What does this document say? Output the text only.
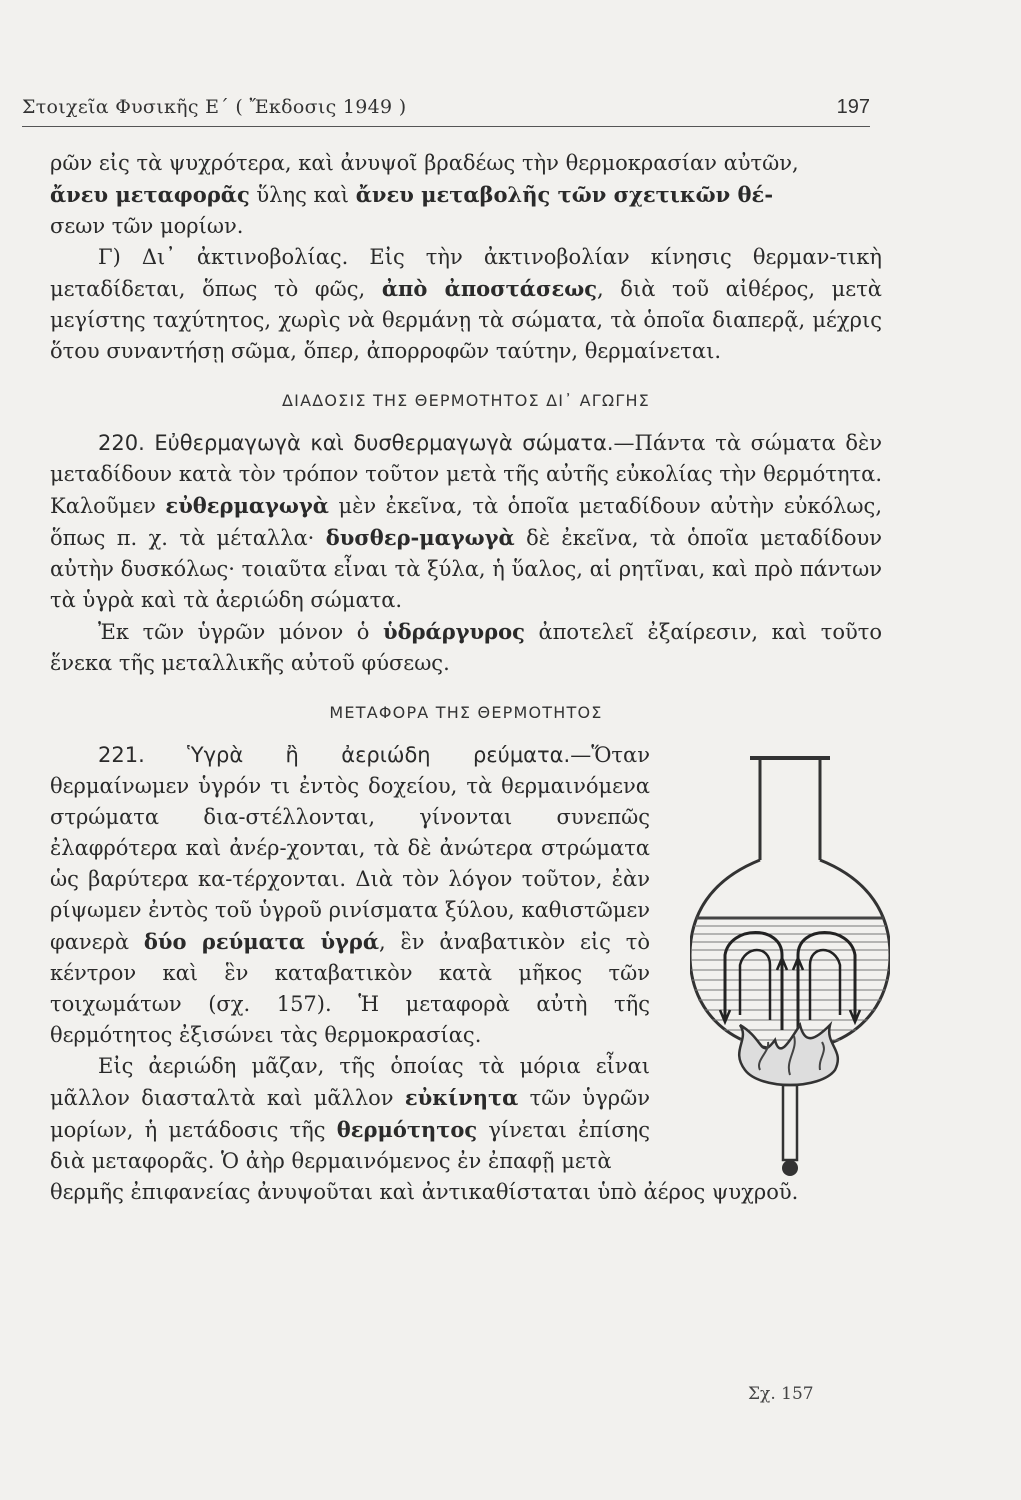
Στοιχεῖα Φυσικῆς Ε΄ ( Ἔκδοσις 1949 )	197

ρῶν εἰς τὰ ψυχρότερα, καὶ ἀνυψοῖ βραδέως τὴν θερμοκρασίαν αὐτῶν,
ἄνευ μεταφορᾶς ὕλης καὶ ἄνευ μεταβολῆς τῶν σχετικῶν θέ-
σεων τῶν μορίων.

Γ) Δι᾿ ἀκτινοβολίας. Εἰς τὴν ἀκτινοβολίαν κίνησις θερμαν-τικὴ μεταδίδεται, ὅπως τὸ φῶς, ἀπὸ ἀποστάσεως, διὰ τοῦ αἰθέρος, μετὰ μεγίστης ταχύτητος, χωρὶς νὰ θερμάνῃ τὰ σώματα, τὰ ὁποῖα διαπερᾷ, μέχρις ὅτου συναντήσῃ σῶμα, ὅπερ, ἀπορροφῶν ταύτην, θερμαίνεται.

ΔΙΑΔΟΣΙΣ ΤΗΣ ΘΕΡΜΟΤΗΤΟΣ ΔΙ᾿ ΑΓΩΓΗΣ

220. Εὐθερμαγωγὰ καὶ δυσθερμαγωγὰ σώματα.—Πάντα τὰ σώματα δὲν μεταδίδουν κατὰ τὸν τρόπον τοῦτον μετὰ τῆς αὐτῆς εὐκολίας τὴν θερμότητα. Καλοῦμεν εὐθερμαγωγὰ μὲν ἐκεῖνα, τὰ ὁποῖα μεταδίδουν αὐτὴν εὐκόλως, ὅπως π. χ. τὰ μέταλλα· δυσθερ-μαγωγὰ δὲ ἐκεῖνα, τὰ ὁποῖα μεταδίδουν αὐτὴν δυσκόλως· τοιαῦτα εἶναι τὰ ξύλα, ἡ ὕαλος, αἱ ρητῖναι, καὶ πρὸ πάντων τὰ ὑγρὰ καὶ τὰ ἀεριώδη σώματα.

Ἐκ τῶν ὑγρῶν μόνον ὁ ὑδράργυρος ἀποτελεῖ ἐξαίρεσιν, καὶ τοῦτο ἕνεκα τῆς μεταλλικῆς αὐτοῦ φύσεως.

ΜΕΤΑΦΟΡΑ ΤΗΣ ΘΕΡΜΟΤΗΤΟΣ

221. Ὑγρὰ ἢ ἀεριώδη ρεύματα.—Ὅταν θερμαίνωμεν ὑγρόν τι ἐντὸς δοχείου, τὰ θερμαινόμενα στρώματα δια-στέλλονται, γίνονται συνεπῶς ἐλαφρότερα καὶ ἀνέρ-χονται, τὰ δὲ ἀνώτερα στρώματα ὡς βαρύτερα κα-τέρχονται. Διὰ τὸν λόγον τοῦτον, ἐὰν ρίψωμεν ἐντὸς τοῦ ὑγροῦ ρινίσματα ξύλου, καθιστῶμεν φανερὰ δύο ρεύματα ὑγρά, ἓν ἀναβατικὸν εἰς τὸ κέντρον καὶ ἓν καταβατικὸν κατὰ μῆκος τῶν τοιχωμάτων (σχ. 157). Ἡ μεταφορὰ αὐτὴ τῆς θερμότητος ἐξισώνει τὰς θερμοκρασίας.

Εἰς ἀεριώδη μᾶζαν, τῆς ὁποίας τὰ μόρια εἶναι μᾶλλον διασταλτὰ καὶ μᾶλλον εὐκίνητα τῶν ὑγρῶν μορίων, ἡ μετάδοσις τῆς θερμότητος γίνεται ἐπίσης διὰ μεταφορᾶς. Ὁ ἀὴρ θερμαινόμενος ἐν ἐπαφῇ μετὰ

θερμῆς ἐπιφανείας ἀνυψοῦται καὶ ἀντικαθίσταται ὑπὸ ἀέρος ψυχροῦ.

Σχ. 157
